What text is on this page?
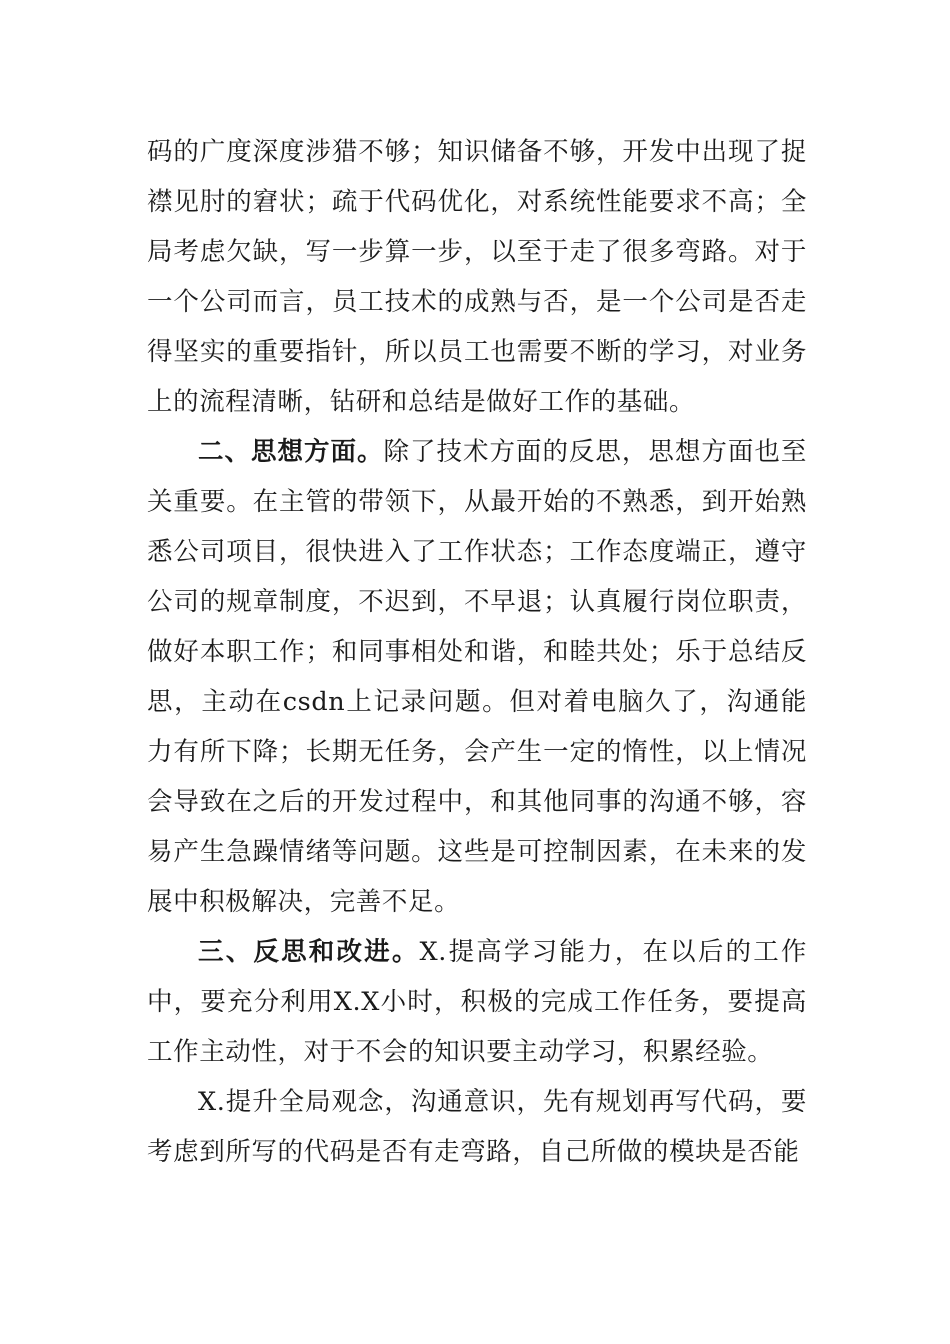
码的广度深度涉猎不够；知识储备不够，开发中出现了捉襟见肘的窘状；疏于代码优化，对系统性能要求不高；全局考虑欠缺，写一步算一步，以至于走了很多弯路。对于一个公司而言，员工技术的成熟与否，是一个公司是否走得坚实的重要指针，所以员工也需要不断的学习，对业务上的流程清晰，钻研和总结是做好工作的基础。

二、思想方面。除了技术方面的反思，思想方面也至关重要。在主管的带领下，从最开始的不熟悉，到开始熟悉公司项目，很快进入了工作状态；工作态度端正，遵守公司的规章制度，不迟到，不早退；认真履行岗位职责，做好本职工作；和同事相处和谐，和睦共处；乐于总结反思，主动在csdn上记录问题。但对着电脑久了，沟通能力有所下降；长期无任务，会产生一定的惰性，以上情况会导致在之后的开发过程中，和其他同事的沟通不够，容易产生急躁情绪等问题。这些是可控制因素，在未来的发展中积极解决，完善不足。

三、反思和改进。X.提高学习能力，在以后的工作中，要充分利用X.X小时，积极的完成工作任务，要提高工作主动性，对于不会的知识要主动学习，积累经验。

X.提升全局观念，沟通意识，先有规划再写代码，要考虑到所写的代码是否有走弯路，自己所做的模块是否能
